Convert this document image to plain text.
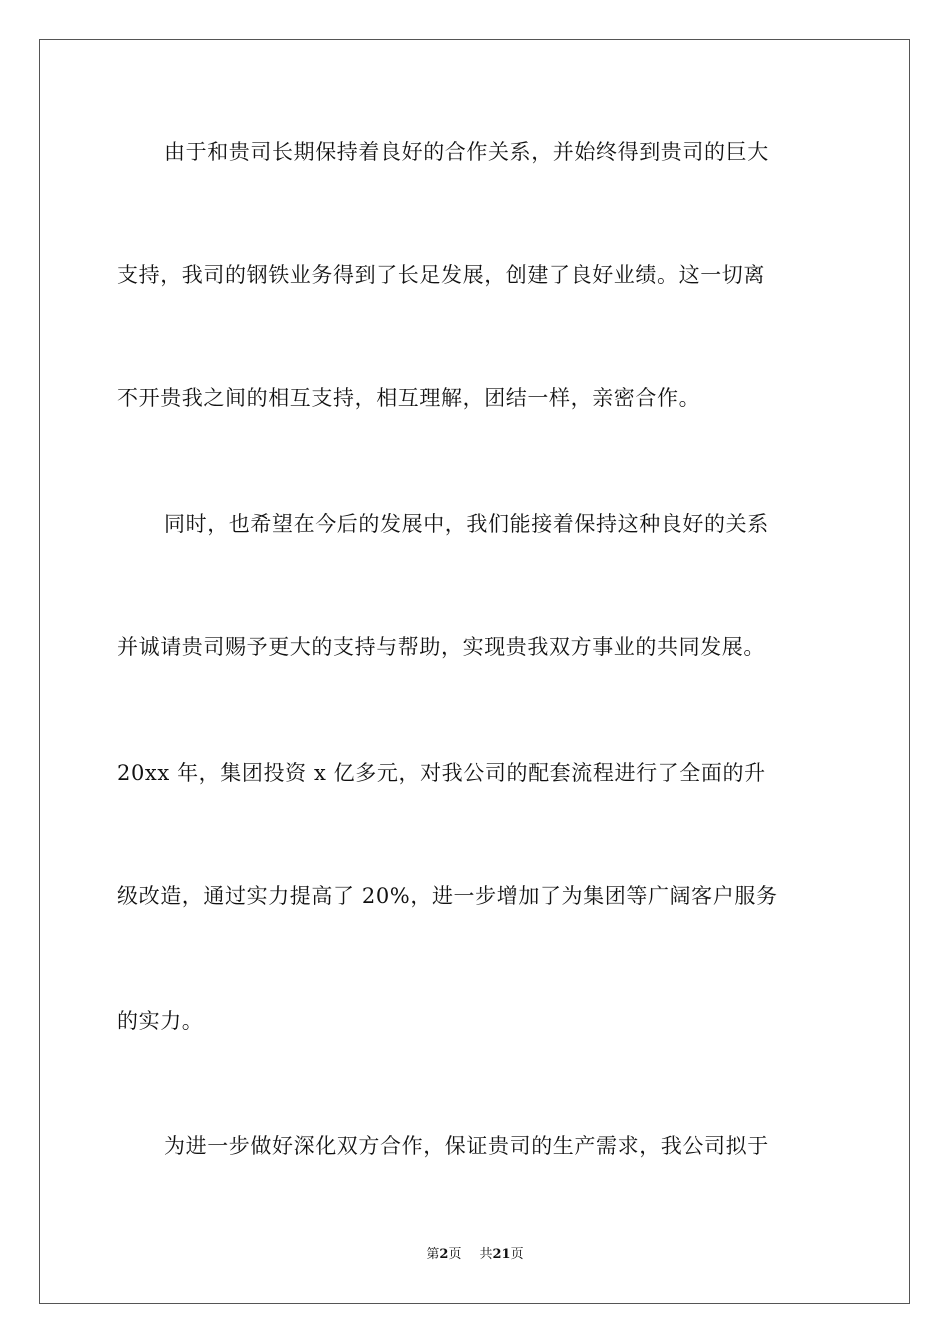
由于和贵司长期保持着良好的合作关系，并始终得到贵司的巨大
支持，我司的钢铁业务得到了长足发展，创建了良好业绩。这一切离
不开贵我之间的相互支持，相互理解，团结一样，亲密合作。
同时，也希望在今后的发展中，我们能接着保持这种良好的关系
并诚请贵司赐予更大的支持与帮助，实现贵我双方事业的共同发展。
20xx 年，集团投资 x 亿多元，对我公司的配套流程进行了全面的升
级改造，通过实力提高了 20%，进一步增加了为集团等广阔客户服务
的实力。
为进一步做好深化双方合作，保证贵司的生产需求，我公司拟于
第2页 共21页
